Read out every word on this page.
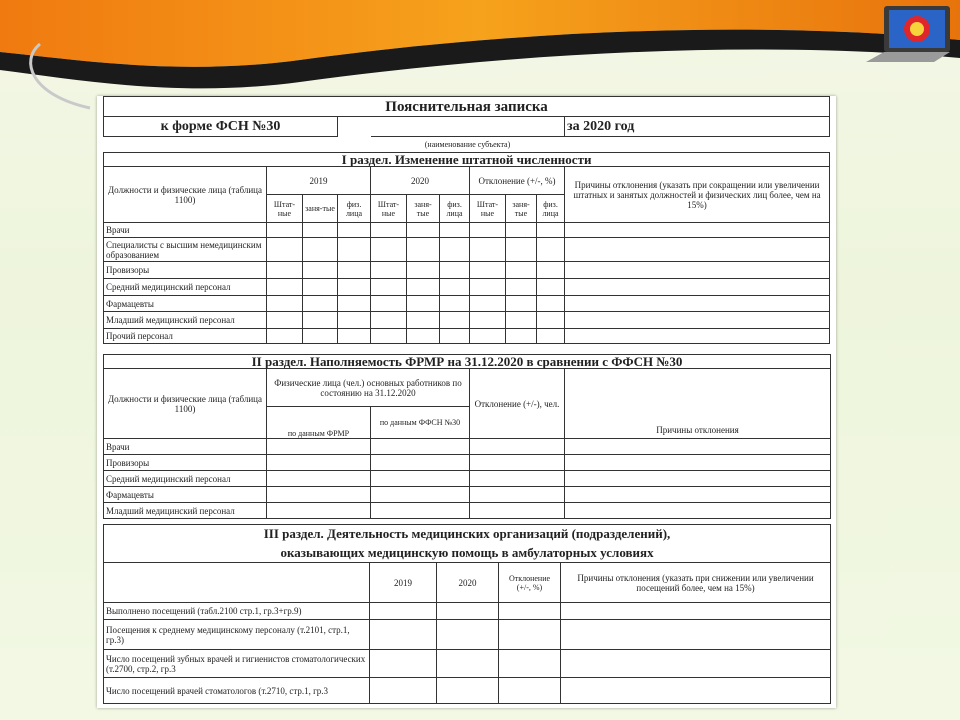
Пояснительная записка										
к форме ФСН №30										за 2020 год
				(наименование субъекта)						
I раздел. Изменение штатной численности										
Должности и физические лица (таблица 1100)	2019			2020			Отклонение (+/-, %)			Причины отклонения (указать при сокращении или увеличении штатных и занятых должностей и физических лиц более, чем на 15%)
	Штат-ные	заня-тые	физ. лица	Штат-ные	заня-тые	физ. лица	Штат-ные	заня-тые	физ. лица	
Врачи										
Специалисты с высшим немедицинским образованием										
Провизоры										
Средний медицинский персонал										
Фармацевты										
Младший медицинский персонал										
Прочий персонал										
II раздел. Наполняемость ФРМР на 31.12.2020 в сравнении с ФФСН №30				
Должности и физические лица (таблица 1100)	Физические лица (чел.) основных работников по состоянию на 31.12.2020		Отклонение (+/-), чел.	Причины отклонения
	по данным ФРМР	по данным ФФСН №30		
Врачи				
Провизоры				
Средний медицинский персонал				
Фармацевты				
Младший медицинский персонал				
III раздел. Деятельность медицинских организаций (подразделений),				
оказывающих медицинскую помощь в амбулаторных условиях				
	2019	2020	Отклонение (+/-, %)	Причины отклонения (указать при снижении или увеличении посещений более, чем на 15%)
Выполнено посещений (табл.2100 стр.1, гр.3+гр.9)				
Посещения к среднему медицинскому персоналу (т.2101, стр.1, гр.3)				
Число посещений зубных врачей и гигиенистов стоматологических (т.2700, стр.2, гр.3				
Число посещений врачей стоматологов (т.2710, стр.1, гр.3				
